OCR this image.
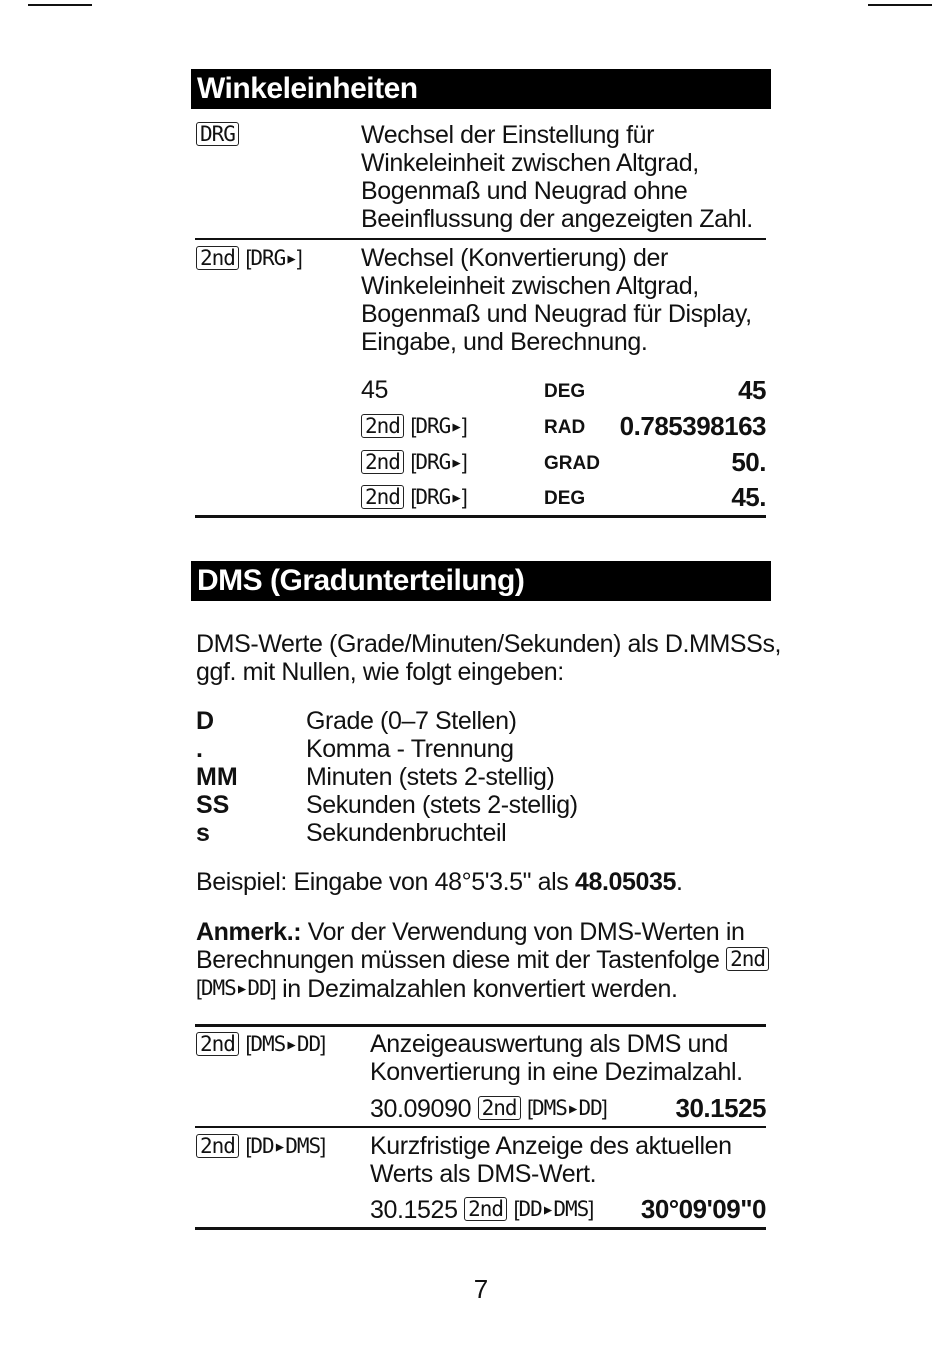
Winkeleinheiten
DRG	Wechsel der Einstellung für
Winkeleinheit zwischen Altgrad,
Bogenmaß und Neugrad ohne
Beeinflussung der angezeigten Zahl.
2nd [ DRG▸ ]	Wechsel (Konvertierung) der
Winkeleinheit zwischen Altgrad,
Bogenmaß und Neugrad für Display,
Eingabe, und Berechnung.
45	DEG	45
2nd [ DRG▸ ]	RAD 0.785398163
2nd [ DRG▸ ]	GRAD	50.
2nd [ DRG▸ ]	DEG	45.
DMS (Gradunterteilung)
DMS-Werte (Grade/Minuten/Sekunden) als D.MMSSs,
ggf. mit Nullen, wie folgt eingeben:
D	Grade (0–7 Stellen)
.	Komma - Trennung
MM	Minuten (stets 2-stellig)
SS	Sekunden (stets 2-stellig)
s	Sekundenbruchteil
Beispiel: Eingabe von 48°5'3.5" als 48.05035.
Anmerk.: Vor der Verwendung von DMS-Werten in
Berechnungen müssen diese mit der Tastenfolge 2nd
[ DMS▸DD ] in Dezimalzahlen konvertiert werden.
2nd [ DMS▸DD ] Anzeigeauswertung als DMS und
Konvertierung in eine Dezimalzahl.
30.09090 2nd [ DMS▸DD ]	30.1525
2nd [ DD▸DMS ] Kurzfristige Anzeige des aktuellen
Werts als DMS-Wert.
30.1525 2nd [ DD▸DMS ] 30°09'09"0
7
